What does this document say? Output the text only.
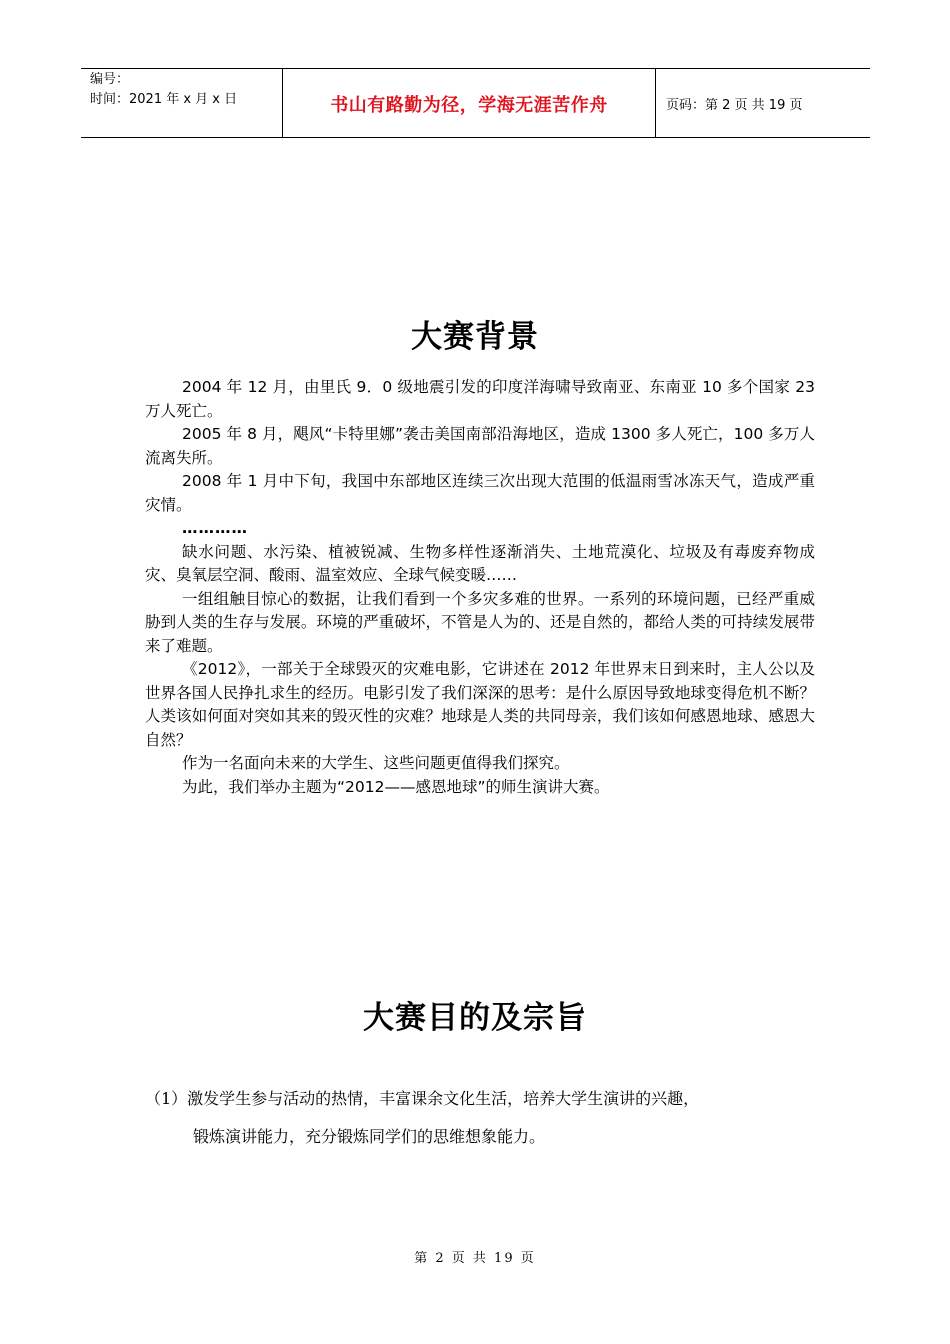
编号：
时间：2021 年 x 月 x 日	书山有路勤为径，学海无涯苦作舟	页码：第 2 页 共 19 页
大赛背景

2004 年 12 月，由里氏 9．0 级地震引发的印度洋海啸导致南亚、东南亚 10 多个国家 23 万人死亡。

2005 年 8 月，飓风“卡特里娜”袭击美国南部沿海地区，造成 1300 多人死亡，100 多万人流离失所。

2008 年 1 月中下旬，我国中东部地区连续三次出现大范围的低温雨雪冰冻天气，造成严重灾情。

…………

缺水问题、水污染、植被锐减、生物多样性逐渐消失、土地荒漠化、垃圾及有毒废弃物成灾、臭氧层空洞、酸雨、温室效应、全球气候变暖……

一组组触目惊心的数据，让我们看到一个多灾多难的世界。一系列的环境问题，已经严重威胁到人类的生存与发展。环境的严重破坏，不管是人为的、还是自然的，都给人类的可持续发展带来了难题。

《2012》，一部关于全球毁灭的灾难电影，它讲述在 2012 年世界末日到来时，主人公以及世界各国人民挣扎求生的经历。电影引发了我们深深的思考：是什么原因导致地球变得危机不断？人类该如何面对突如其来的毁灭性的灾难？地球是人类的共同母亲，我们该如何感恩地球、感恩大自然？

作为一名面向未来的大学生、这些问题更值得我们探究。

为此，我们举办主题为“2012——感恩地球”的师生演讲大赛。

大赛目的及宗旨

（1）激发学生参与活动的热情，丰富课余文化生活，培养大学生演讲的兴趣，

锻炼演讲能力，充分锻炼同学们的思维想象能力。

第 2 页 共 19 页
